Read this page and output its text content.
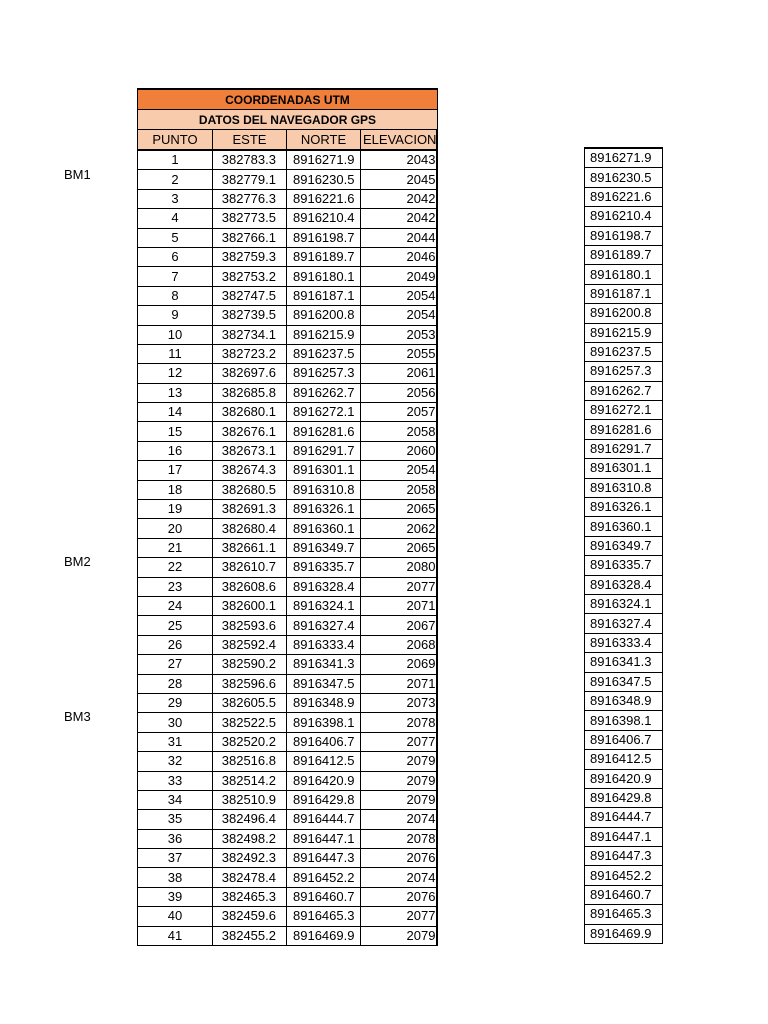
COORDENADAS UTM			
DATOS DEL NAVEGADOR GPS			
PUNTO	ESTE	NORTE	ELEVACION
1	382783.3	8916271.9	2043
2	382779.1	8916230.5	2045
3	382776.3	8916221.6	2042
4	382773.5	8916210.4	2042
5	382766.1	8916198.7	2044
6	382759.3	8916189.7	2046
7	382753.2	8916180.1	2049
8	382747.5	8916187.1	2054
9	382739.5	8916200.8	2054
10	382734.1	8916215.9	2053
11	382723.2	8916237.5	2055
12	382697.6	8916257.3	2061
13	382685.8	8916262.7	2056
14	382680.1	8916272.1	2057
15	382676.1	8916281.6	2058
16	382673.1	8916291.7	2060
17	382674.3	8916301.1	2054
18	382680.5	8916310.8	2058
19	382691.3	8916326.1	2065
20	382680.4	8916360.1	2062
21	382661.1	8916349.7	2065
22	382610.7	8916335.7	2080
23	382608.6	8916328.4	2077
24	382600.1	8916324.1	2071
25	382593.6	8916327.4	2067
26	382592.4	8916333.4	2068
27	382590.2	8916341.3	2069
28	382596.6	8916347.5	2071
29	382605.5	8916348.9	2073
30	382522.5	8916398.1	2078
31	382520.2	8916406.7	2077
32	382516.8	8916412.5	2079
33	382514.2	8916420.9	2079
34	382510.9	8916429.8	2079
35	382496.4	8916444.7	2074
36	382498.2	8916447.1	2078
37	382492.3	8916447.3	2076
38	382478.4	8916452.2	2074
39	382465.3	8916460.7	2076
40	382459.6	8916465.3	2077
41	382455.2	8916469.9	2079
8916271.9
8916230.5
8916221.6
8916210.4
8916198.7
8916189.7
8916180.1
8916187.1
8916200.8
8916215.9
8916237.5
8916257.3
8916262.7
8916272.1
8916281.6
8916291.7
8916301.1
8916310.8
8916326.1
8916360.1
8916349.7
8916335.7
8916328.4
8916324.1
8916327.4
8916333.4
8916341.3
8916347.5
8916348.9
8916398.1
8916406.7
8916412.5
8916420.9
8916429.8
8916444.7
8916447.1
8916447.3
8916452.2
8916460.7
8916465.3
8916469.9
BM1
BM2
BM3
